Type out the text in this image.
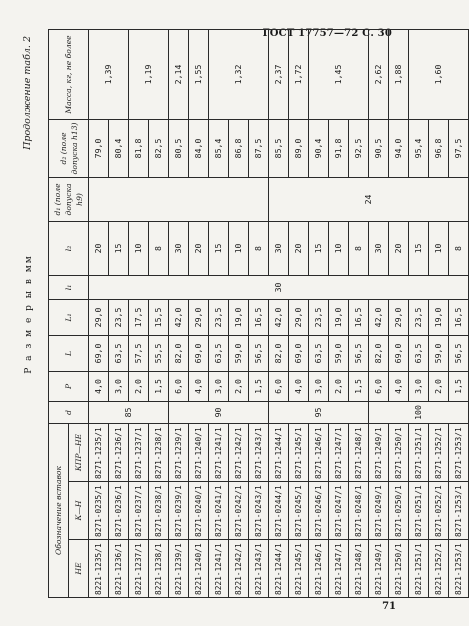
ГОСТ 17757—72 С. 30
Продолжение табл. 2
Р а з м е р ы в мм
Обозначение вставок			d	P	L	L₁	l₁	l₂	d₁ (поле допуска h9)	d₂ (поле допуска h13)	Масса, кг, не более
НЕ	К—Н	КПР—НЕ									
8221-1235/1	8271-0235/1	8271-1235/1	85	4,0	69,0	29,0	30	20		79,0	1,39
8221-1236/1	8271-0236/1	8271-1236/1		3,0	63,5	23,5		15		80,4	
8221-1237/1	8271-0237/1	8271-1237/1		2,0	57,5	17,5		10		81,8	1,19
8221-1238/1	8271-0238/1	8271-1238/1		1,5	55,5	15,5		8		82,5	
8221-1239/1	8271-0239/1	8271-1239/1	90	6,0	82,0	42,0		30		80,5	2,14
8221-1240/1	8271-0240/1	8271-1240/1		4,0	69,0	29,0		20		84,0	1,55
8221-1241/1	8271-0241/1	8271-1241/1		3,0	63,5	23,5		15		85,4	1,32
8221-1242/1	8271-0242/1	8271-1242/1		2,0	59,0	19,0		10		86,8	
8221-1243/1	8271-0243/1	8271-1243/1		1,5	56,5	16,5		8		87,5	
8221-1244/1	8271-0244/1	8271-1244/1	95	6,0	82,0	42,0		30	24	85,5	2,37
8221-1245/1	8271-0245/1	8271-1245/1		4,0	69,0	29,0		20		89,0	1,72
8221-1246/1	8271-0246/1	8271-1246/1		3,0	63,5	23,5		15		90,4	1,45
8221-1247/1	8271-0247/1	8271-1247/1		2,0	59,0	19,0		10		91,8	
8221-1248/1	8271-0248/1	8271-1248/1		1,5	56,5	16,5		8		92,5	
8221-1249/1	8271-0249/1	8271-1249/1	100	6,0	82,0	42,0		30		90,5	2,62
8221-1250/1	8271-0250/1	8271-1250/1		4,0	69,0	29,0		20		94,0	1,88
8221-1251/1	8271-0251/1	8271-1251/1		3,0	63,5	23,5		15		95,4	1,60
8221-1252/1	8271-0252/1	8271-1252/1		2,0	59,0	19,0		10		96,8	
8221-1253/1	8271-1253/1	8271-1253/1		1,5	56,5	16,5		8		97,5	
71
